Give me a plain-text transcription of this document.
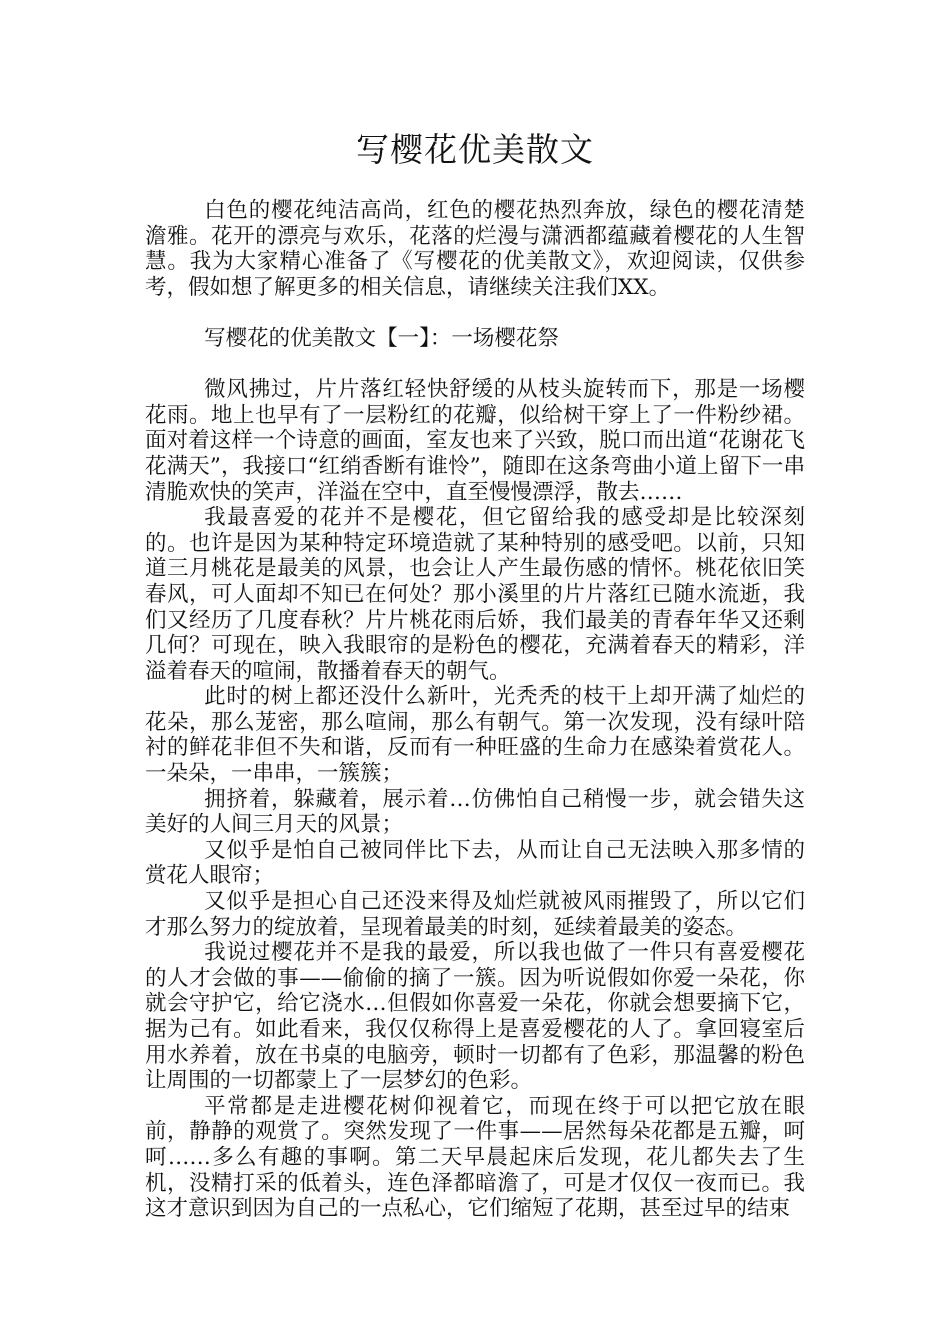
写樱花优美散文

白色的樱花纯洁高尚，红色的樱花热烈奔放，绿色的樱花清楚澹雅。花开的漂亮与欢乐，花落的烂漫与潇洒都蕴藏着樱花的人生智慧。我为大家精心准备了《写樱花的优美散文》，欢迎阅读，仅供参考，假如想了解更多的相关信息，请继续关注我们XX。

写樱花的优美散文【一】：一场樱花祭

微风拂过，片片落红轻快舒缓的从枝头旋转而下，那是一场樱花雨。地上也早有了一层粉红的花瓣，似给树干穿上了一件粉纱裙。面对着这样一个诗意的画面，室友也来了兴致，脱口而出道“花谢花飞花满天”，我接口“红绡香断有谁怜”，随即在这条弯曲小道上留下一串清脆欢快的笑声，洋溢在空中，直至慢慢漂浮，散去……

我最喜爱的花并不是樱花，但它留给我的感受却是比较深刻的。也许是因为某种特定环境造就了某种特别的感受吧。以前，只知道三月桃花是最美的风景，也会让人产生最伤感的情怀。桃花依旧笑春风，可人面却不知已在何处？那小溪里的片片落红已随水流逝，我们又经历了几度春秋？片片桃花雨后娇，我们最美的青春年华又还剩几何？可现在，映入我眼帘的是粉色的樱花，充满着春天的精彩，洋溢着春天的喧闹，散播着春天的朝气。

此时的树上都还没什么新叶，光秃秃的枝干上却开满了灿烂的花朵，那么茏密，那么喧闹，那么有朝气。第一次发现，没有绿叶陪衬的鲜花非但不失和谐，反而有一种旺盛的生命力在感染着赏花人。一朵朵，一串串，一簇簇；

拥挤着，躲藏着，展示着…仿佛怕自己稍慢一步，就会错失这美好的人间三月天的风景；

又似乎是怕自己被同伴比下去，从而让自己无法映入那多情的赏花人眼帘；

又似乎是担心自己还没来得及灿烂就被风雨摧毁了，所以它们才那么努力的绽放着，呈现着最美的时刻，延续着最美的姿态。

我说过樱花并不是我的最爱，所以我也做了一件只有喜爱樱花的人才会做的事——偷偷的摘了一簇。因为听说假如你爱一朵花，你就会守护它，给它浇水…但假如你喜爱一朵花，你就会想要摘下它，据为己有。如此看来，我仅仅称得上是喜爱樱花的人了。拿回寝室后用水养着，放在书桌的电脑旁，顿时一切都有了色彩，那温馨的粉色让周围的一切都蒙上了一层梦幻的色彩。

平常都是走进樱花树仰视着它，而现在终于可以把它放在眼前，静静的观赏了。突然发现了一件事——居然每朵花都是五瓣，呵呵……多么有趣的事啊。第二天早晨起床后发现，花儿都失去了生机，没精打采的低着头，连色泽都暗澹了，可是才仅仅一夜而已。我这才意识到因为自己的一点私心，它们缩短了花期，甚至过早的结束
